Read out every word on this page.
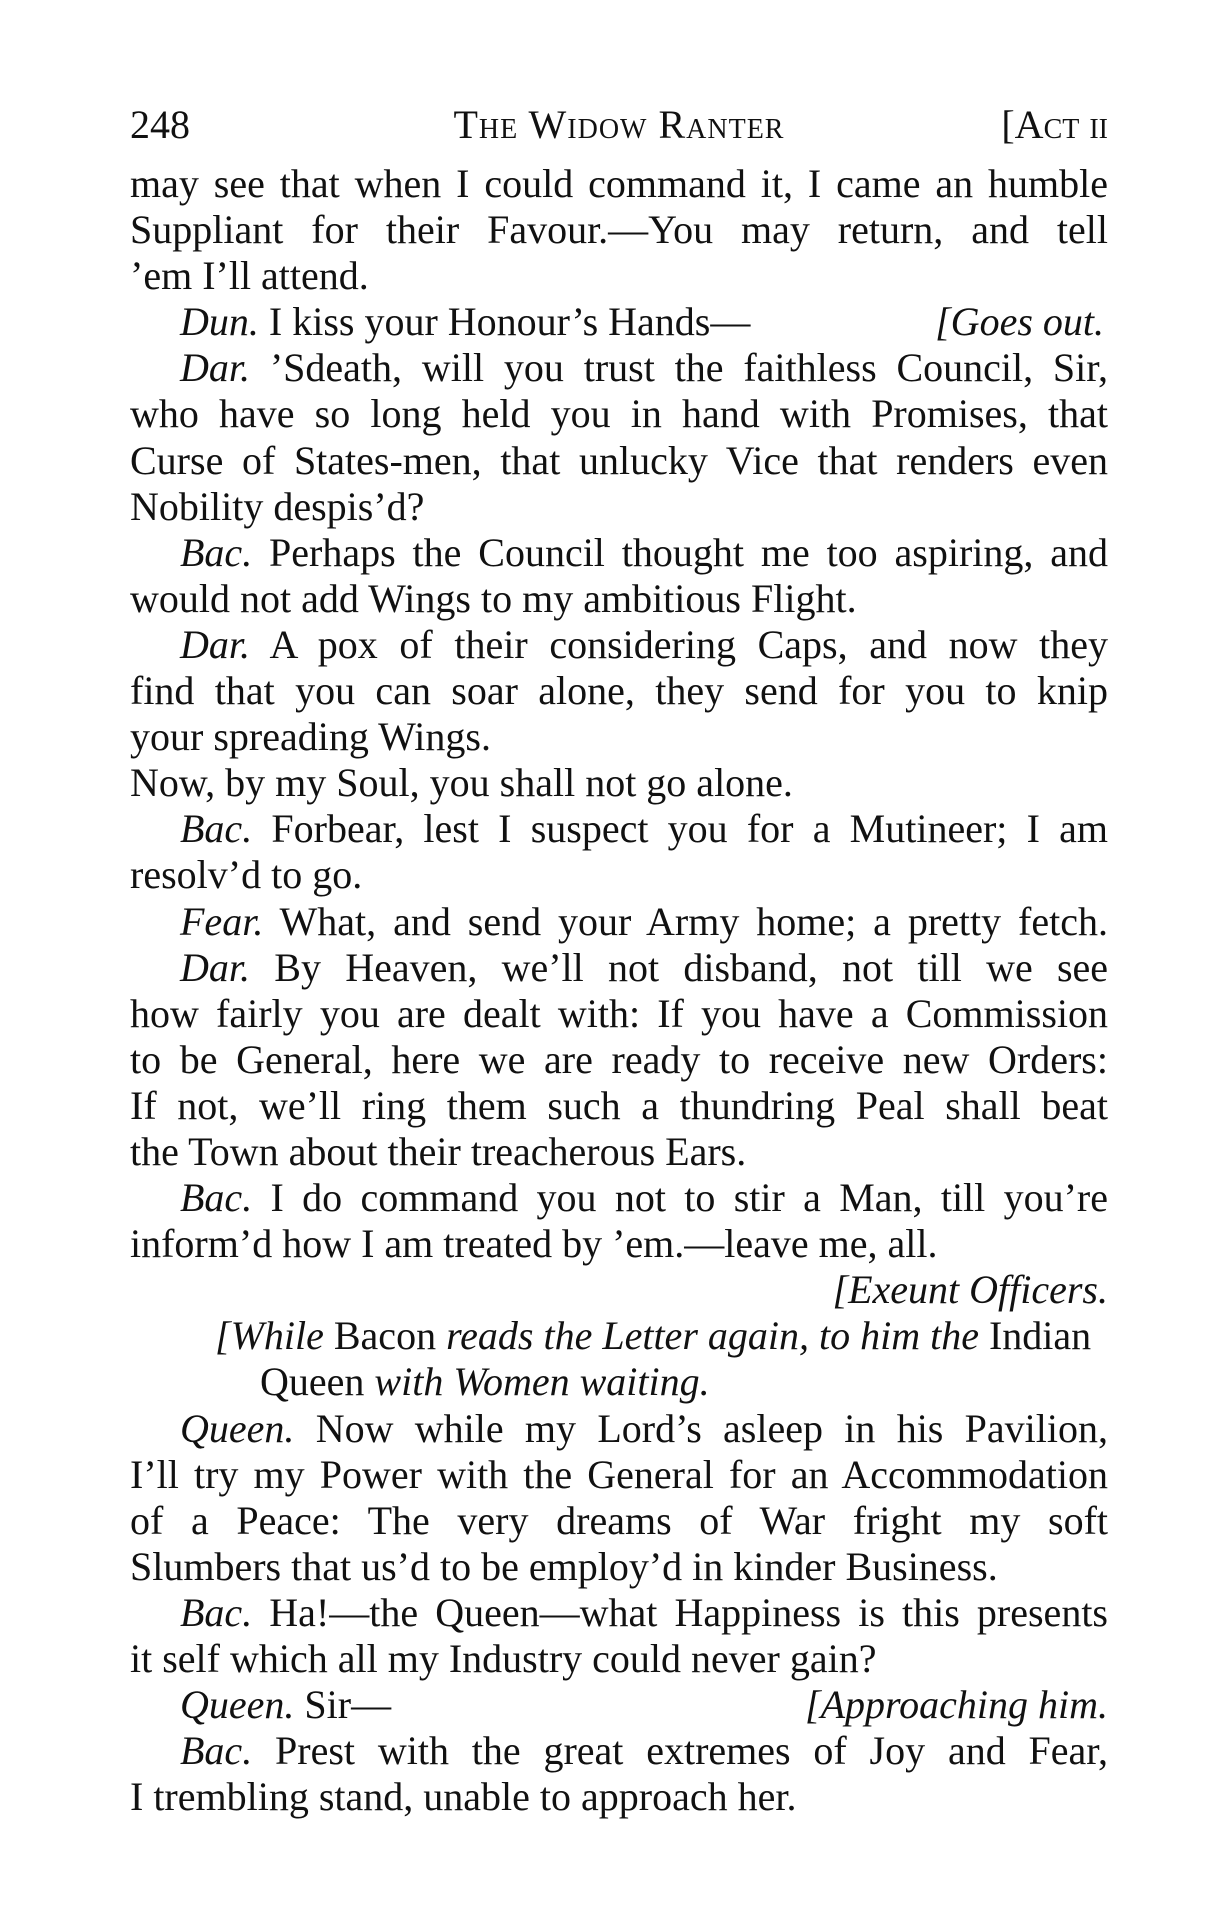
248	The Widow Ranter	[Act ii
may see that when I could command it, I came an humble
Suppliant for their Favour.—You may return, and tell
’em I’ll attend.
Dun. I kiss your Honour’s Hands—	[Goes out.
Dar. ’Sdeath, will you trust the faithless Council, Sir,
who have so long held you in hand with Promises, that
Curse of States-men, that unlucky Vice that renders even
Nobility despis’d?
Bac. Perhaps the Council thought me too aspiring, and
would not add Wings to my ambitious Flight.
Dar. A pox of their considering Caps, and now they
find that you can soar alone, they send for you to knip
your spreading Wings.
Now, by my Soul, you shall not go alone.
Bac. Forbear, lest I suspect you for a Mutineer; I am
resolv’d to go.
Fear. What, and send your Army home; a pretty fetch.
Dar. By Heaven, we’ll not disband, not till we see
how fairly you are dealt with: If you have a Commission
to be General, here we are ready to receive new Orders:
If not, we’ll ring them such a thundring Peal shall beat
the Town about their treacherous Ears.
Bac. I do command you not to stir a Man, till you’re
inform’d how I am treated by ’em.—leave me, all.
[Exeunt Officers.
[While Bacon reads the Letter again, to him the Indian
Queen with Women waiting.
Queen. Now while my Lord’s asleep in his Pavilion,
I’ll try my Power with the General for an Accommodation
of a Peace: The very dreams of War fright my soft
Slumbers that us’d to be employ’d in kinder Business.
Bac. Ha!—the Queen—what Happiness is this presents
it self which all my Industry could never gain?
Queen. Sir—	[Approaching him.
Bac. Prest with the great extremes of Joy and Fear,
I trembling stand, unable to approach her.
